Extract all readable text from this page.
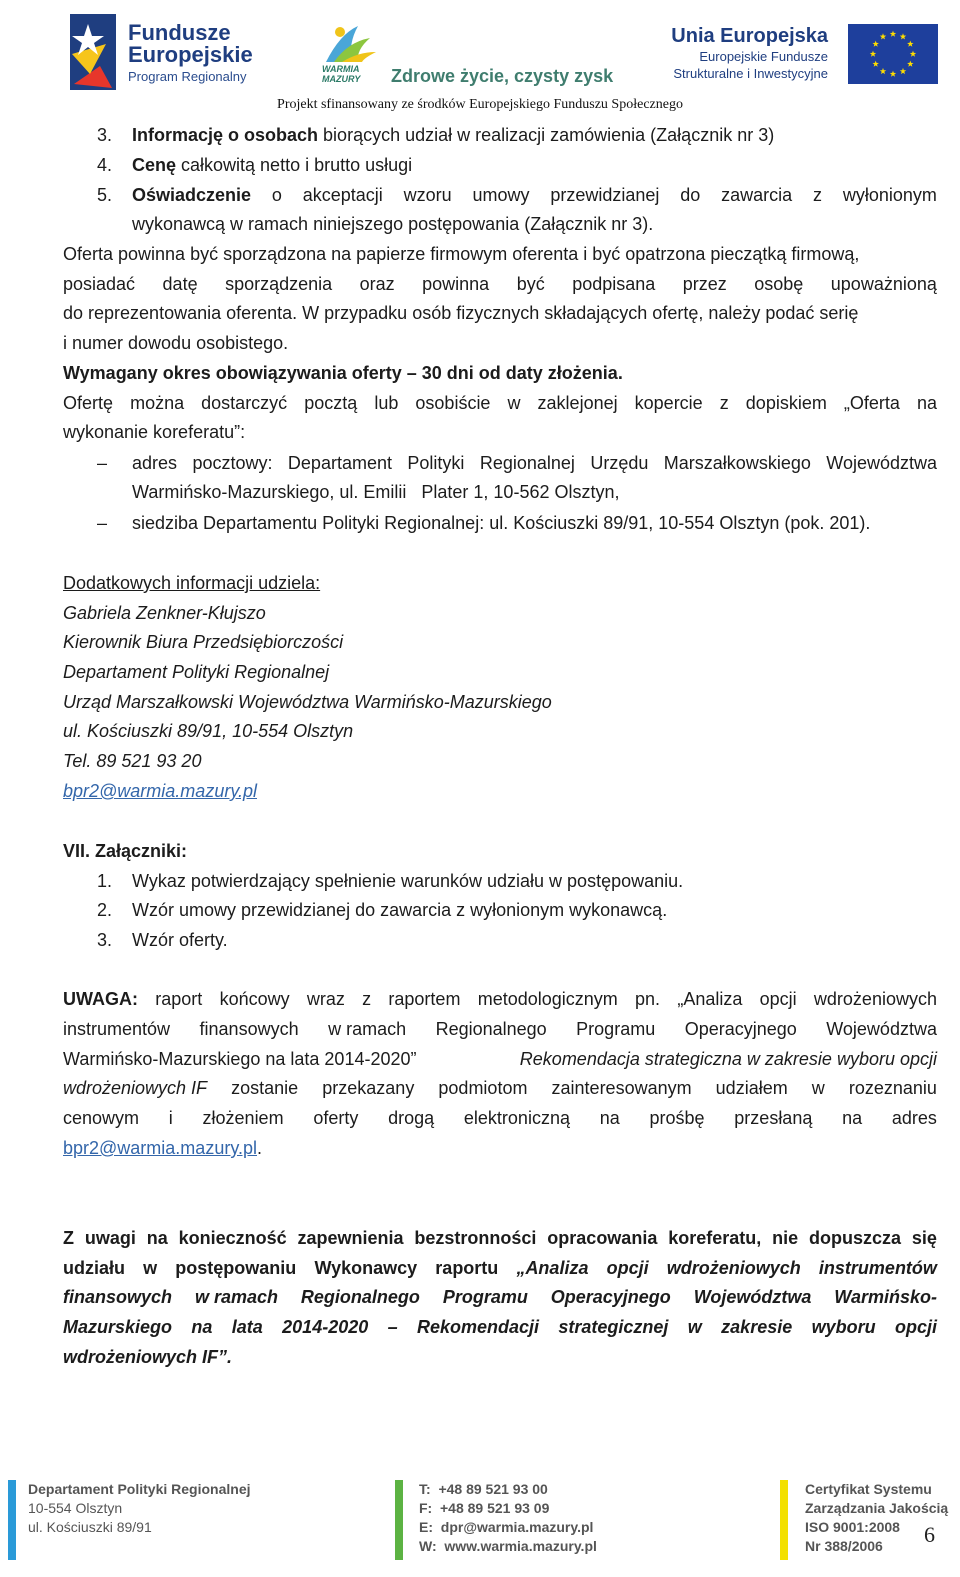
Fundusze
Europejskie
Program Regionalny	WARMIA
MAZURY Zdrowe życie, czysty zysk
Unia Europejska
Europejskie Fundusze
Strukturalne i Inwestycyjne
Projekt sfinansowany ze środków Europejskiego Funduszu Społecznego
3. Informację o osobach biorących udział w realizacji zamówienia (Załącznik nr 3)
4. Cenę całkowitą netto i brutto usługi
5. Oświadczenie o akceptacji wzoru umowy przewidzianej do zawarcia z wyłonionym
wykonawcą w ramach niniejszego postępowania (Załącznik nr 3).
Oferta powinna być sporządzona na papierze firmowym oferenta i być opatrzona pieczątką firmową,
posiadać datę sporządzenia oraz powinna być podpisana przez osobę upoważnioną
do reprezentowania oferenta. W przypadku osób fizycznych składających ofertę, należy podać serię
i numer dowodu osobistego.
Wymagany okres obowiązywania oferty – 30 dni od daty złożenia.
Ofertę można dostarczyć pocztą lub osobiście w zaklejonej kopercie z dopiskiem „Oferta na
wykonanie koreferatu”:
– adres pocztowy: Departament Polityki Regionalnej Urzędu Marszałkowskiego Województwa
Warmińsko-Mazurskiego, ul. Emilii   Plater 1, 10-562 Olsztyn,
– siedziba Departamentu Polityki Regionalnej: ul. Kościuszki 89/91, 10-554 Olsztyn (pok. 201).
Dodatkowych informacji udziela:
Gabriela Zenkner-Kłujszo
Kierownik Biura Przedsiębiorczości
Departament Polityki Regionalnej
Urząd Marszałkowski Województwa Warmińsko-Mazurskiego
ul. Kościuszki 89/91, 10-554 Olsztyn
Tel. 89 521 93 20
bpr2@warmia.mazury.pl
VII. Załączniki:
1. Wykaz potwierdzający spełnienie warunków udziału w postępowaniu.
2. Wzór umowy przewidzianej do zawarcia z wyłonionym wykonawcą.
3. Wzór oferty.
UWAGA: raport końcowy wraz z raportem metodologicznym pn. „Analiza opcji wdrożeniowych
instrumentów finansowych w ramach Regionalnego Programu Operacyjnego Województwa
Warmińsko-Mazurskiego na lata 2014-2020”	Rekomendacja strategiczna w zakresie wyboru opcji
wdrożeniowych IF zostanie przekazany podmiotom zainteresowanym udziałem w rozeznaniu
cenowym i złożeniem oferty drogą elektroniczną na prośbę przesłaną na adres
bpr2@warmia.mazury.pl.
Z uwagi na konieczność zapewnienia bezstronności opracowania koreferatu, nie dopuszcza się
udziału w postępowaniu Wykonawcy raportu „Analiza opcji wdrożeniowych instrumentów
finansowych w ramach Regionalnego Programu Operacyjnego Województwa Warmińsko-
Mazurskiego na lata 2014-2020 – Rekomendacji strategicznej w zakresie wyboru opcji
wdrożeniowych IF”.
Departament Polityki Regionalnej
10-554 Olsztyn
ul. Kościuszki 89/91
T:  +48 89 521 93 00
F:  +48 89 521 93 09
E:  dpr@warmia.mazury.pl
W:  www.warmia.mazury.pl
Certyfikat Systemu
Zarządzania Jakością
ISO 9001:2008
Nr 388/2006	6
